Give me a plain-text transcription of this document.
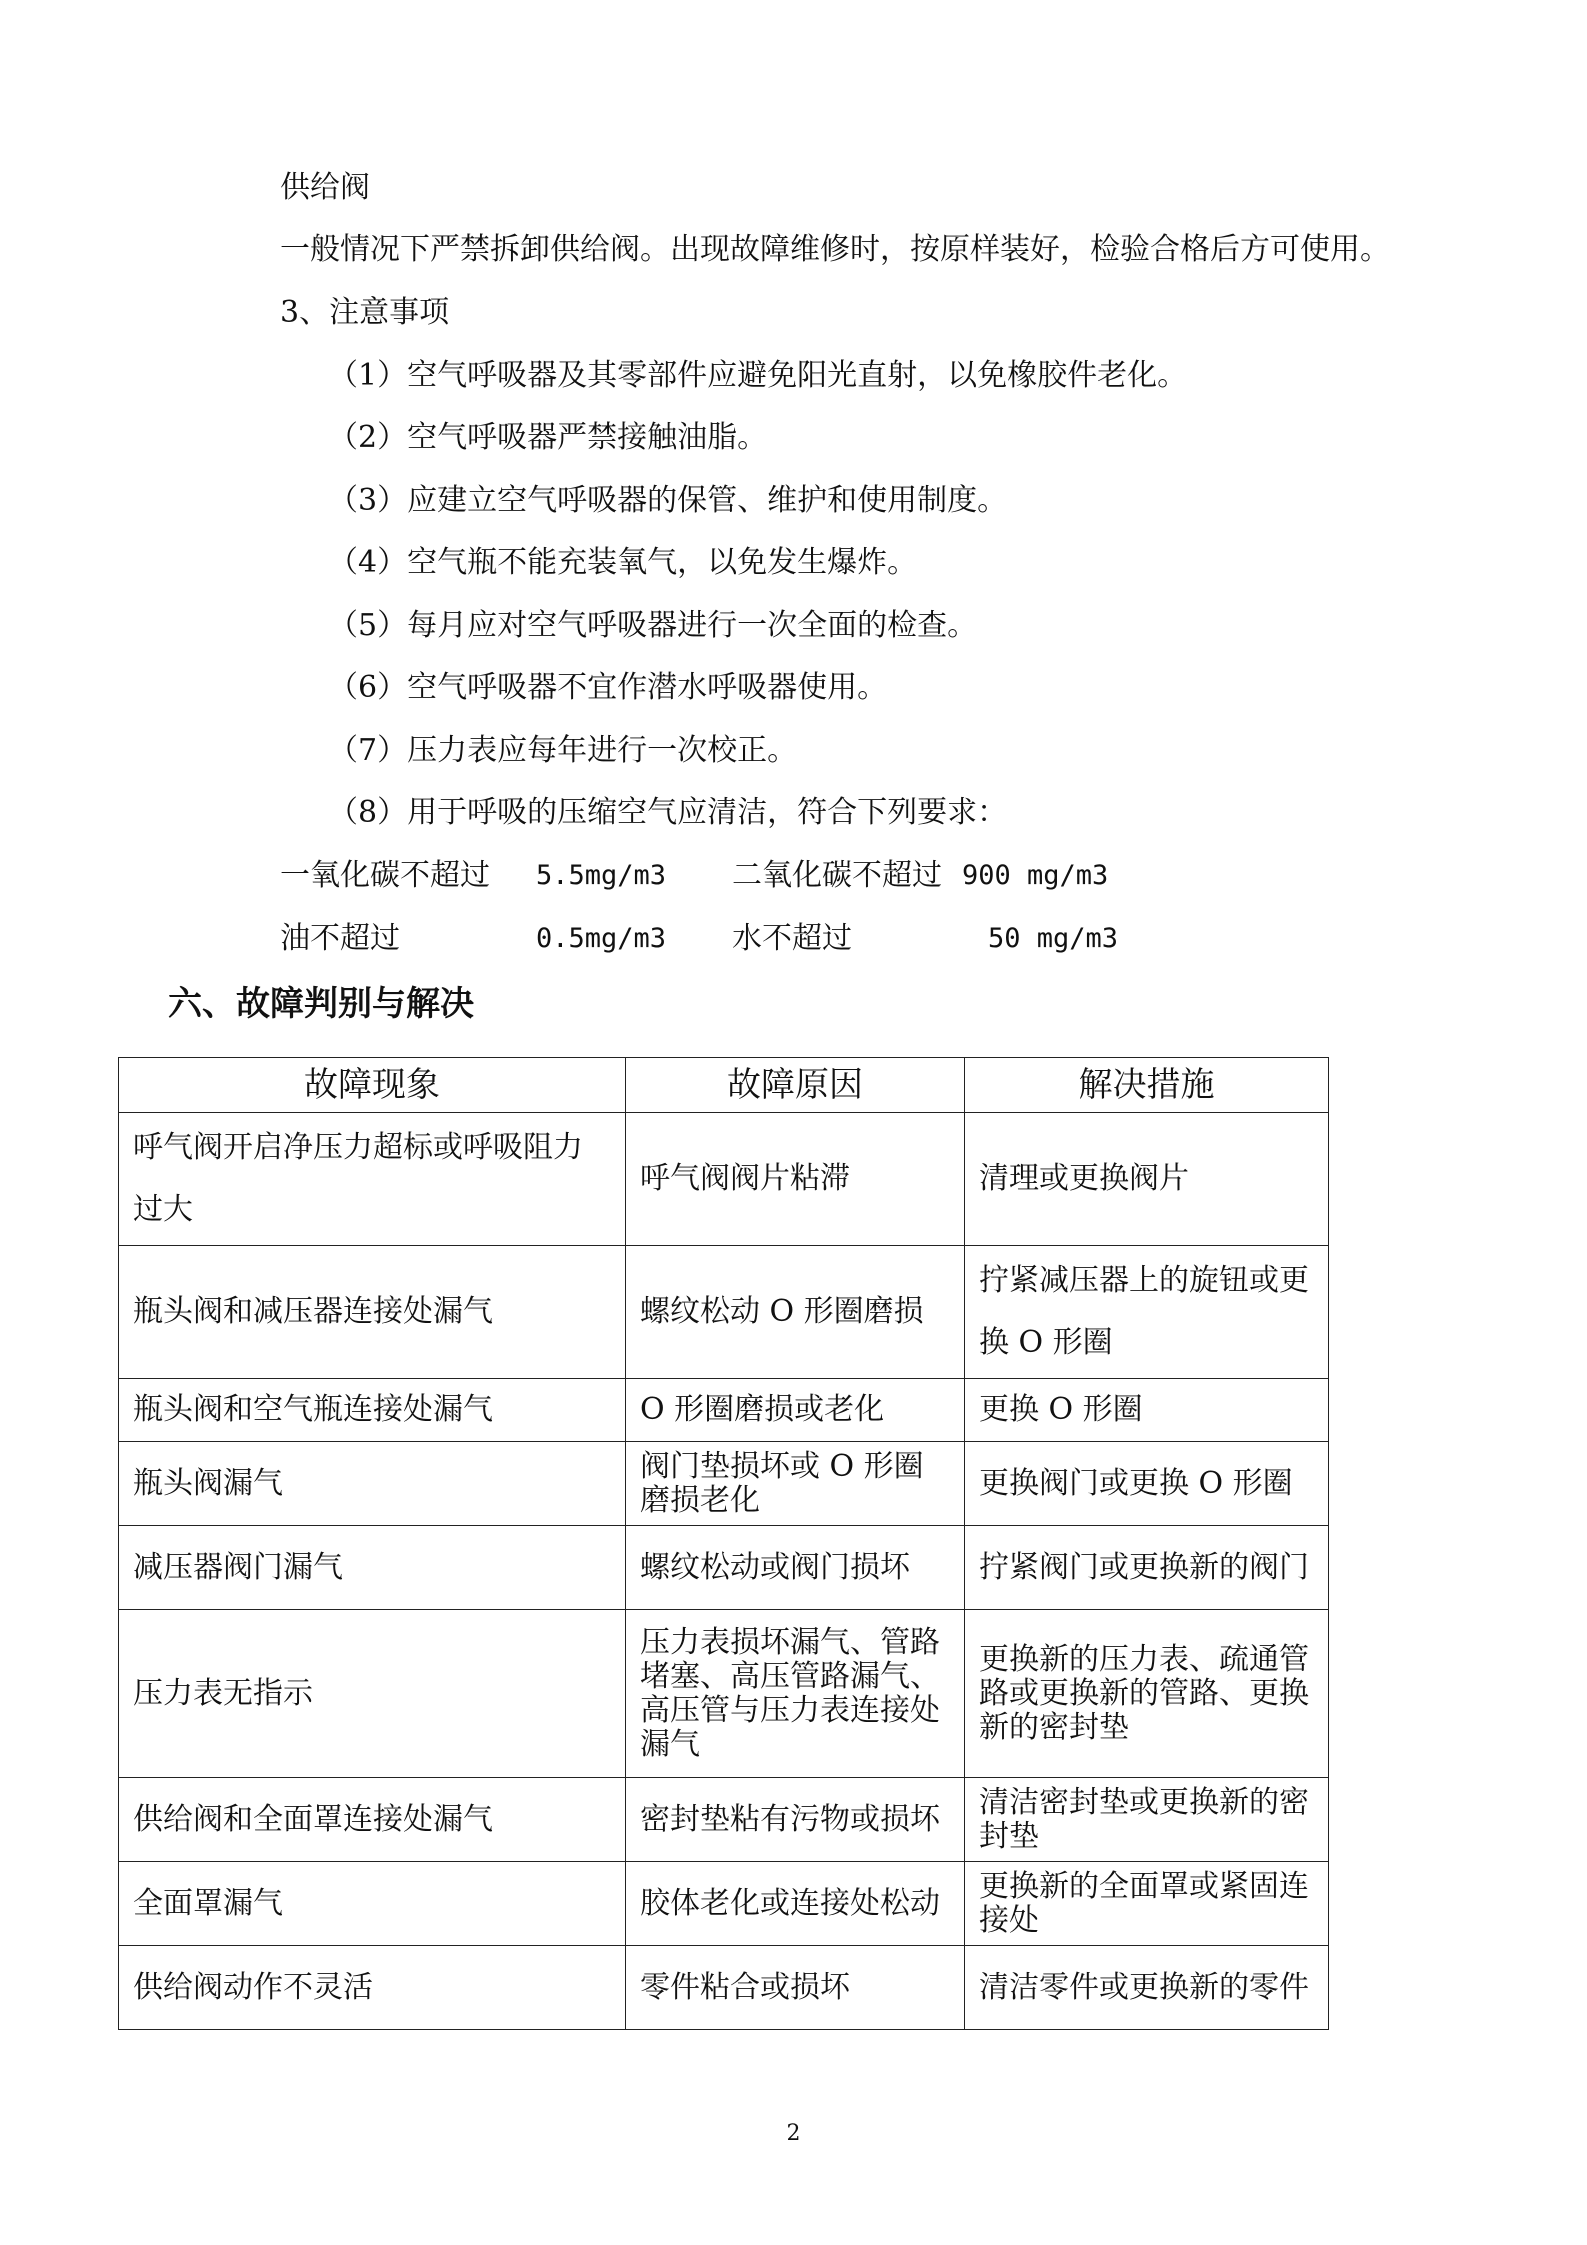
供给阀
一般情况下严禁拆卸供给阀。出现故障维修时，按原样装好，检验合格后方可使用。
3、注意事项
（1）空气呼吸器及其零部件应避免阳光直射，以免橡胶件老化。
（2）空气呼吸器严禁接触油脂。
（3）应建立空气呼吸器的保管、维护和使用制度。
（4）空气瓶不能充装氧气，以免发生爆炸。
（5）每月应对空气呼吸器进行一次全面的检查。
（6）空气呼吸器不宜作潜水呼吸器使用。
（7）压力表应每年进行一次校正。
（8）用于呼吸的压缩空气应清洁，符合下列要求：
一氧化碳不超过 5.5mg/m3 二氧化碳不超过 900 mg/m3
油不超过	0.5mg/m3 水不超过	50 mg/m3
六、故障判别与解决
故障现象	故障原因	解决措施
呼气阀开启净压力超标或呼吸阻力过大	呼气阀阀片粘滞	清理或更换阀片
瓶头阀和减压器连接处漏气	螺纹松动 O 形圈磨损	拧紧减压器上的旋钮或更换 O 形圈
瓶头阀和空气瓶连接处漏气	O 形圈磨损或老化	更换 O 形圈
瓶头阀漏气	阀门垫损坏或 O 形圈磨损老化	更换阀门或更换 O 形圈
减压器阀门漏气	螺纹松动或阀门损坏	拧紧阀门或更换新的阀门
压力表无指示	压力表损坏漏气、管路堵塞、高压管路漏气、高压管与压力表连接处漏气	更换新的压力表、疏通管路或更换新的管路、更换新的密封垫
供给阀和全面罩连接处漏气	密封垫粘有污物或损坏	清洁密封垫或更换新的密封垫
全面罩漏气	胶体老化或连接处松动	更换新的全面罩或紧固连接处
供给阀动作不灵活	零件粘合或损坏	清洁零件或更换新的零件
2
